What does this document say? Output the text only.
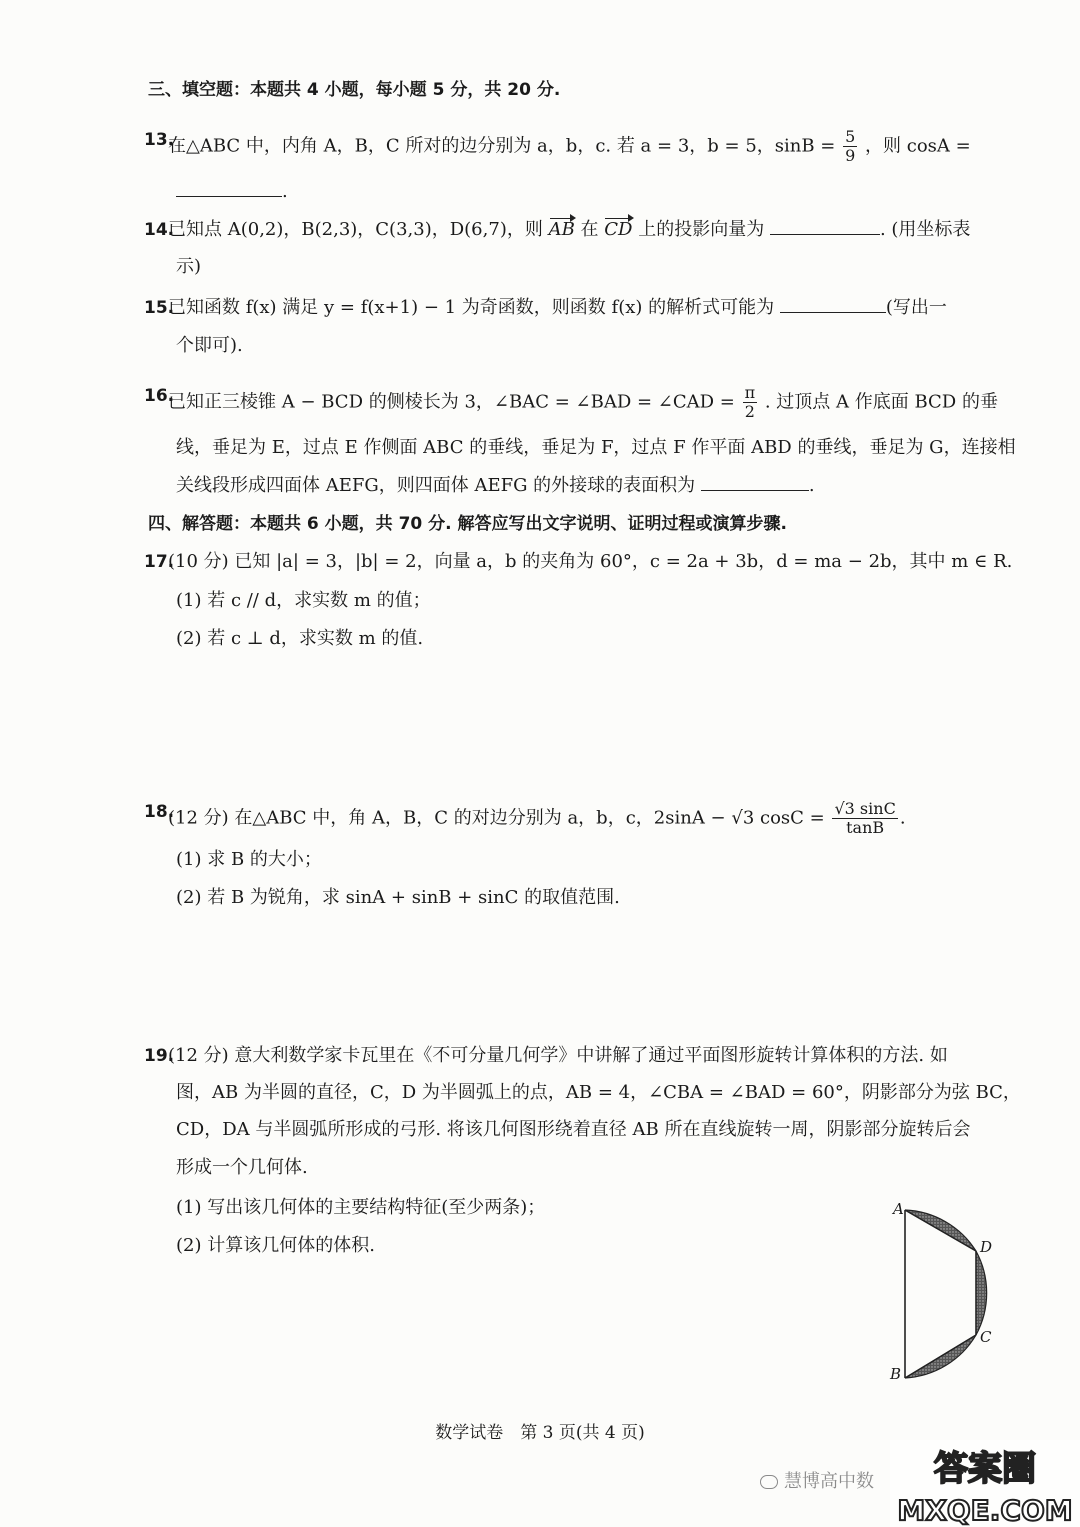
三、填空题：本题共 4 小题，每小题 5 分，共 20 分.
13.
在△ABC 中，内角 A，B，C 所对的边分别为 a，b，c. 若 a = 3，b = 5，$\sin B = \frac{5}{9}$ ，则 cosA =
.
14.
已知点 A(0,2)，B(2,3)，C(3,3)，D(6,7)，则 AB 在 CD 上的投影向量为	. (用坐标表
示)
15.
已知函数 f(x) 满足 y = f(x+1) − 1 为奇函数，则函数 f(x) 的解析式可能为	(写出一
个即可).
16.
已知正三棱锥 A − BCD 的侧棱长为 3，∠BAC = ∠BAD = ∠CAD = $\frac{\pi}{2}$ . 过顶点 A 作底面 BCD 的垂
线，垂足为 E，过点 E 作侧面 ABC 的垂线，垂足为 F，过点 F 作平面 ABD 的垂线，垂足为 G，连接相
关线段形成四面体 AEFG，则四面体 AEFG 的外接球的表面积为	.
四、解答题：本题共 6 小题，共 70 分. 解答应写出文字说明、证明过程或演算步骤.
17.
(10 分) 已知 |a| = 3，|b| = 2，向量 a，b 的夹角为 60°，c = 2a + 3b，d = ma − 2b，其中 m ∈ R.
(1) 若 c // d，求实数 m 的值；
(2) 若 c ⊥ d，求实数 m 的值.
18.
(12 分) 在△ABC 中，角 A，B，C 的对边分别为 a，b，c，2sinA − √3 $\cos C = \frac{√3 \sin C}{\tan B}$ .
(1) 求 B 的大小；
(2) 若 B 为锐角，求 sinA + sinB + sinC 的取值范围.
19.
(12 分) 意大利数学家卡瓦里在《不可分量几何学》中讲解了通过平面图形旋转计算体积的方法. 如
图，AB 为半圆的直径，C，D 为半圆弧上的点，AB = 4，∠CBA = ∠BAD = 60°，阴影部分为弦 BC，
CD，DA 与半圆弧所形成的弓形. 将该几何图形绕着直径 AB 所在直线旋转一周，阴影部分旋转后会
形成一个几何体.
(1) 写出该几何体的主要结构特征(至少两条)；
(2) 计算该几何体的体积.
A
D
C
B
数学试卷　第 3 页(共 4 页)
慧博高中数 答案圈
MXQE.COM
